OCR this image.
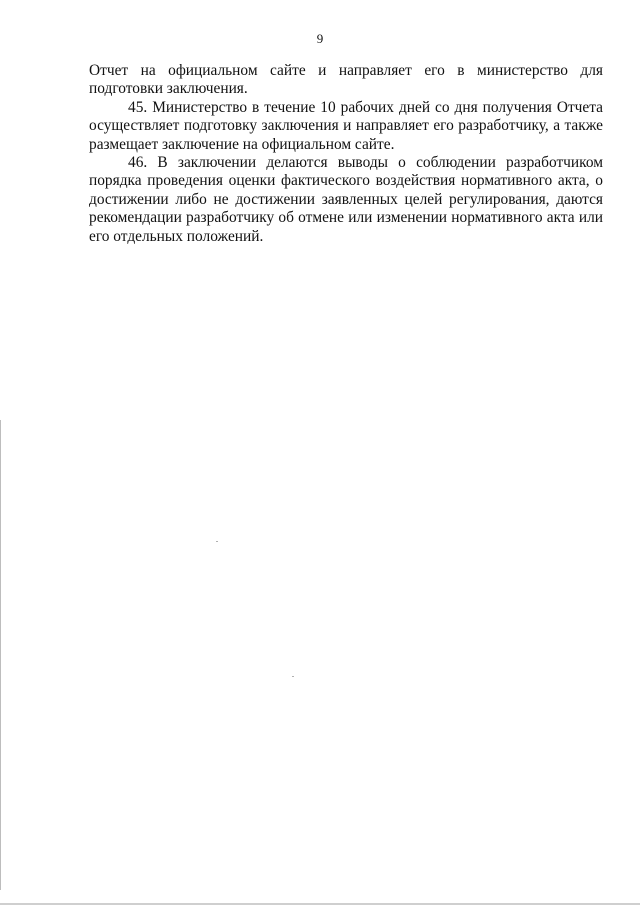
9

Отчет на официальном сайте и направляет его в министерство для подготовки заключения.

45. Министерство в течение 10 рабочих дней со дня получения Отчета осуществляет подготовку заключения и направляет его разработчику, а также размещает заключение на официальном сайте.

46. В заключении делаются выводы о соблюдении разработчиком порядка проведения оценки фактического воздействия нормативного акта, о достижении либо не достижении заявленных целей регулирования, даются рекомендации разработчику об отмене или изменении нормативного акта или его отдельных положений.
